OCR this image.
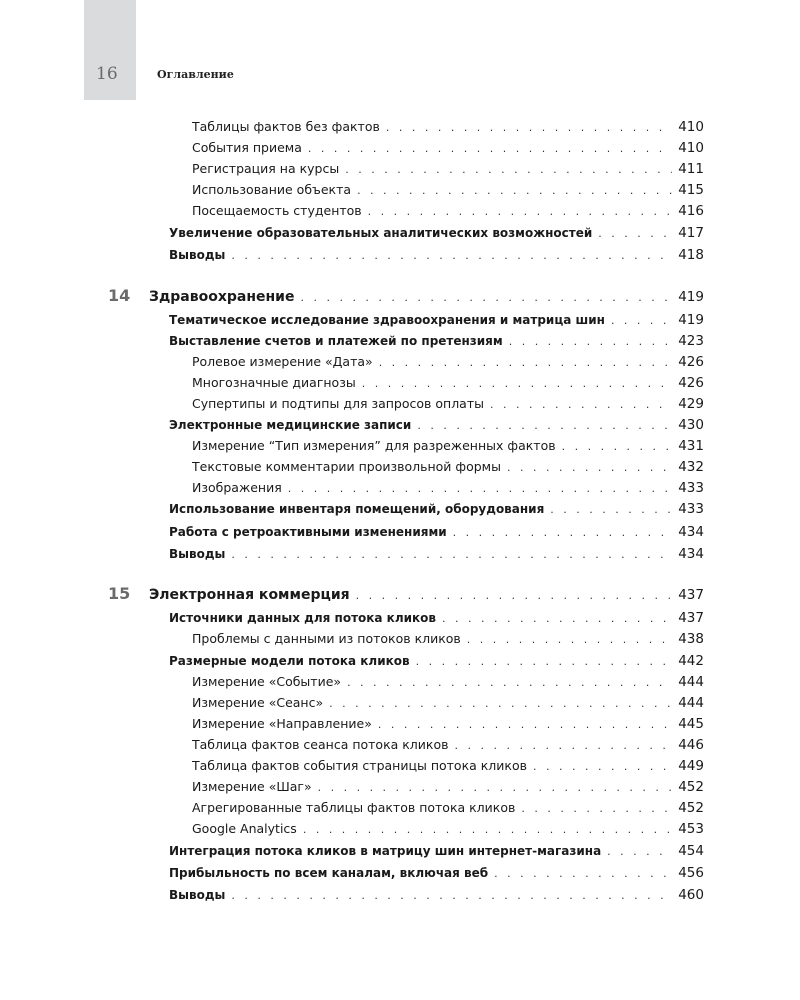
16	Оглавление
Таблицы фактов без фактов . . .	410
События приема . . .	410
Регистрация на курсы . . .	411
Использование объекта . . .	415
Посещаемость студентов . . .	416
Увеличение образовательных аналитических возможностей . . .	417
Выводы . . .	418
14 Здравоохранение . . .	419
Тематическое исследование здравоохранения и матрица шин . . .	419
Выставление счетов и платежей по претензиям . . .	423
Ролевое измерение «Дата» . . .	426
Многозначные диагнозы . . .	426
Супертипы и подтипы для запросов оплаты . . .	429
Электронные медицинские записи . . .	430
Измерение “Тип измерения” для разреженных фактов . . .	431
Текстовые комментарии произвольной формы . . .	432
Изображения . . .	433
Использование инвентаря помещений, оборудования . . .	433
Работа с ретроактивными изменениями . . .	434
Выводы . . .	434
15 Электронная коммерция . . .	437
Источники данных для потока кликов . . .	437
Проблемы с данными из потоков кликов . . .	438
Размерные модели потока кликов . . .	442
Измерение «Событие» . . .	444
Измерение «Сеанс» . . .	444
Измерение «Направление» . . .	445
Таблица фактов сеанса потока кликов . . .	446
Таблица фактов события страницы потока кликов . . .	449
Измерение «Шаг» . . .	452
Агрегированные таблицы фактов потока кликов . . .	452
Google Analytics . . .	453
Интеграция потока кликов в матрицу шин интернет-магазина . . .	454
Прибыльность по всем каналам, включая веб . . .	456
Выводы . . .	460
